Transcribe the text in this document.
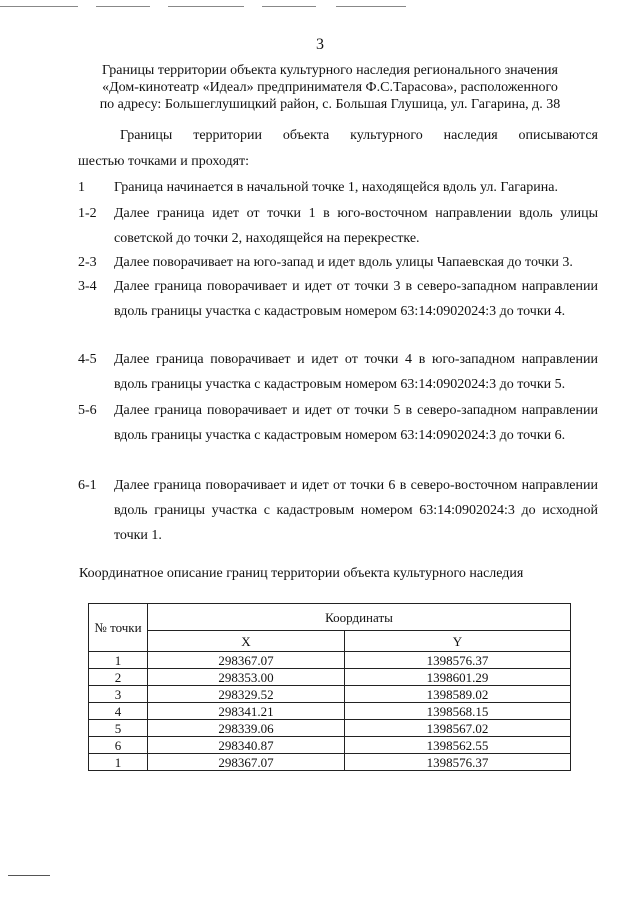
3
Границы территории объекта культурного наследия регионального значения
«Дом-кинотеатр «Идеал» предпринимателя Ф.С.Тарасова», расположенного
по адресу: Большеглушицкий район, с. Большая Глушица, ул. Гагарина, д. 38

Границы территории объекта культурного наследия описываются

шестью точками и проходят:

1	Граница начинается в начальной точке 1, находящейся вдоль ул. Гагарина.
1-2	Далее граница идет от точки 1 в юго-восточном направлении вдоль улицы советской до точки 2, находящейся на перекрестке.
2-3	Далее поворачивает на юго-запад и идет вдоль улицы Чапаевская до точки 3.
3-4	Далее граница поворачивает и идет от точки 3 в северо-западном направлении вдоль границы участка с кадастровым номером 63:14:0902024:3 до точки 4.
4-5	Далее граница поворачивает и идет от точки 4 в юго-западном направлении вдоль границы участка с кадастровым номером 63:14:0902024:3 до точки 5.
5-6	Далее граница поворачивает и идет от точки 5 в северо-западном направлении вдоль границы участка с кадастровым номером 63:14:0902024:3 до точки 6.
6-1	Далее граница поворачивает и идет от точки 6 в северо-восточном направлении вдоль границы участка с кадастровым номером 63:14:0902024:3 до исходной точки 1.
Координатное описание границ территории объекта культурного наследия
№ точки	Координаты	
	X	Y
1	298367.07	1398576.37
2	298353.00	1398601.29
3	298329.52	1398589.02
4	298341.21	1398568.15
5	298339.06	1398567.02
6	298340.87	1398562.55
1	298367.07	1398576.37
